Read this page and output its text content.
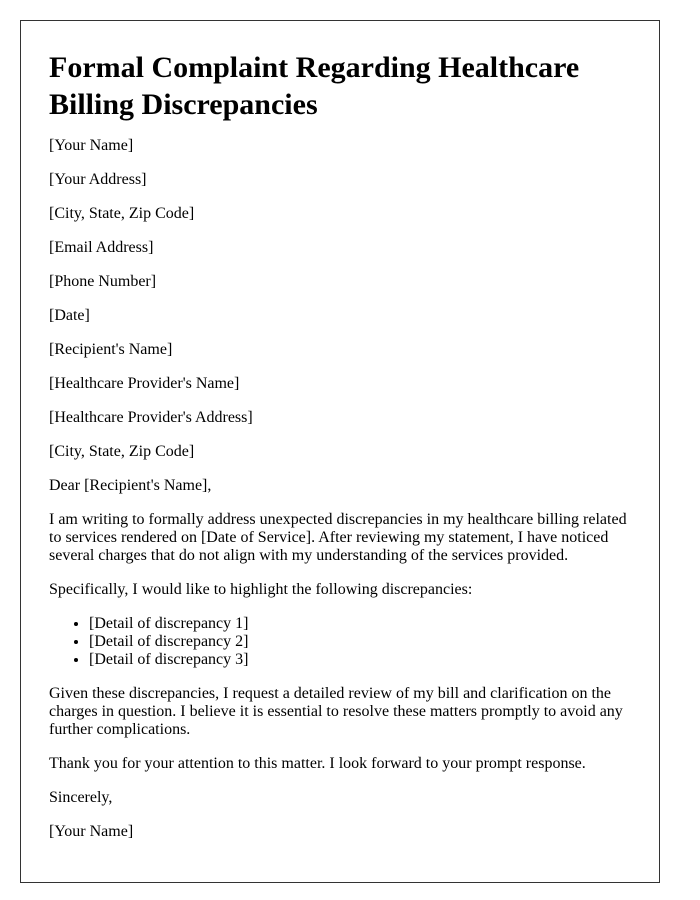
Formal Complaint Regarding Healthcare Billing Discrepancies
[Your Name]
[Your Address]
[City, State, Zip Code]
[Email Address]
[Phone Number]
[Date]
[Recipient's Name]
[Healthcare Provider's Name]
[Healthcare Provider's Address]
[City, State, Zip Code]
Dear [Recipient's Name],

I am writing to formally address unexpected discrepancies in my healthcare billing related to services rendered on [Date of Service]. After reviewing my statement, I have noticed several charges that do not align with my understanding of the services provided.

Specifically, I would like to highlight the following discrepancies:

• [Detail of discrepancy 1]
• [Detail of discrepancy 2]
• [Detail of discrepancy 3]

Given these discrepancies, I request a detailed review of my bill and clarification on the charges in question. I believe it is essential to resolve these matters promptly to avoid any further complications.

Thank you for your attention to this matter. I look forward to your prompt response.

Sincerely,
[Your Name]
